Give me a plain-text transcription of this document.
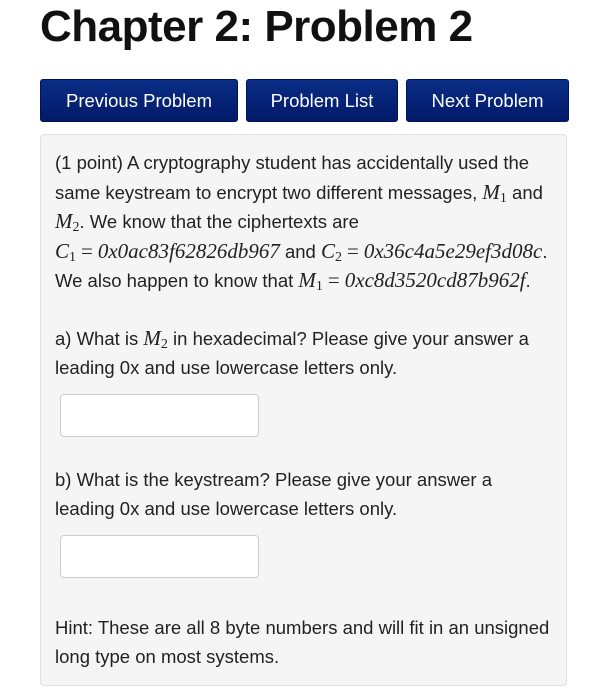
Chapter 2: Problem 2
Previous Problem	Problem List	Next Problem

(1 point) A cryptography student has accidentally used the same keystream to encrypt two different messages, $M_1$ and $M_2$. We know that the ciphertexts are $C_1 = 0x0ac83f62826db967$ and $C_2 = 0x36c4a5e29ef3d08c$. We also happen to know that $M_1 = 0xc8d3520cd87b962f$.

a) What is $M_2$ in hexadecimal? Please give your answer a leading 0x and use lowercase letters only.

b) What is the keystream? Please give your answer a leading 0x and use lowercase letters only.

Hint: These are all 8 byte numbers and will fit in an unsigned long type on most systems.
